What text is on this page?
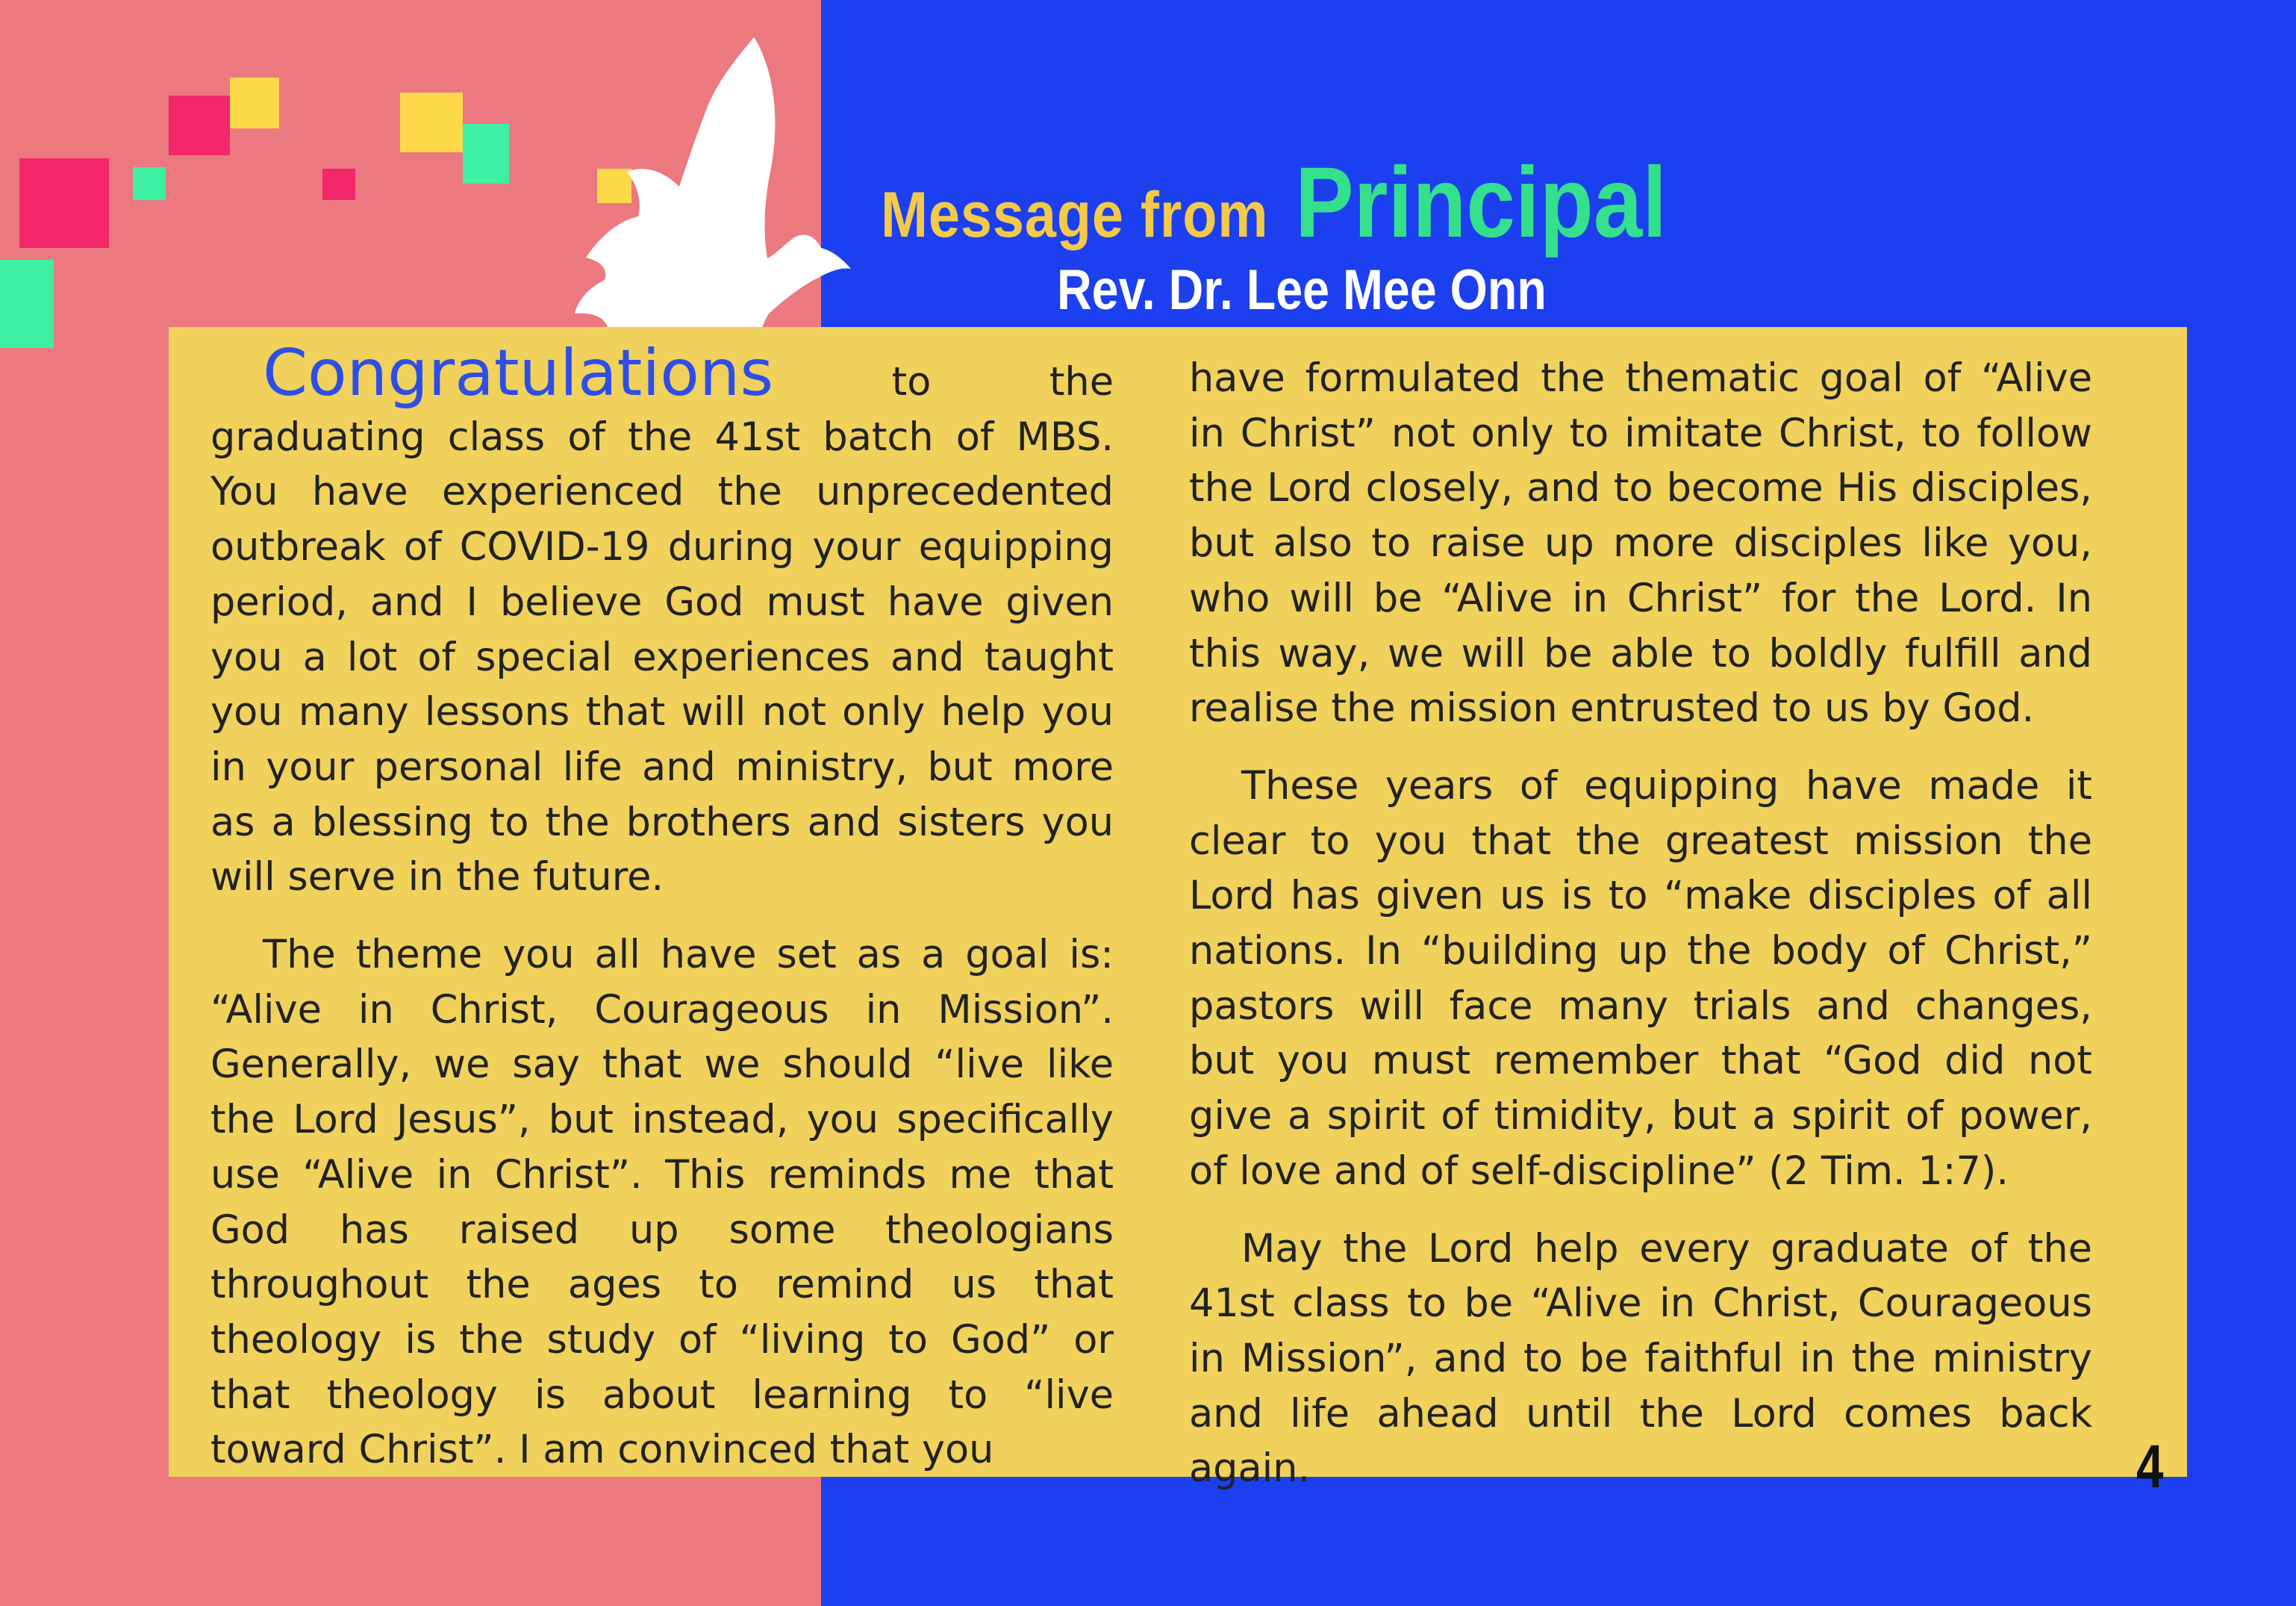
Message from Principal
Rev. Dr. Lee Mee Onn

Congratulations to the graduating class of the 41st batch of MBS. You have experienced the unprecedented outbreak of COVID-19 during your equipping period, and I believe God must have given you a lot of special experiences and taught you many lessons that will not only help you in your personal life and ministry, but more as a blessing to the brothers and sisters you will serve in the future.

The theme you all have set as a goal is: “Alive in Christ, Courageous in Mission”. Generally, we say that we should “live like the Lord Jesus”, but instead, you specifically use “Alive in Christ”. This reminds me that God has raised up some theologians throughout the ages to remind us that theology is the study of “living to God” or that theology is about learning to “live toward Christ”. I am convinced that you

have formulated the thematic goal of “Alive in Christ” not only to imitate Christ, to follow the Lord closely, and to become His disciples, but also to raise up more disciples like you, who will be “Alive in Christ” for the Lord. In this way, we will be able to boldly fulfill and realise the mission entrusted to us by God.

These years of equipping have made it clear to you that the greatest mission the Lord has given us is to “make disciples of all nations. In “building up the body of Christ,” pastors will face many trials and changes, but you must remember that “God did not give a spirit of timidity, but a spirit of power, of love and of self-discipline” (2 Tim. 1:7).

May the Lord help every graduate of the 41st class to be “Alive in Christ, Courageous in Mission”, and to be faithful in the ministry and life ahead until the Lord comes back again.	4
